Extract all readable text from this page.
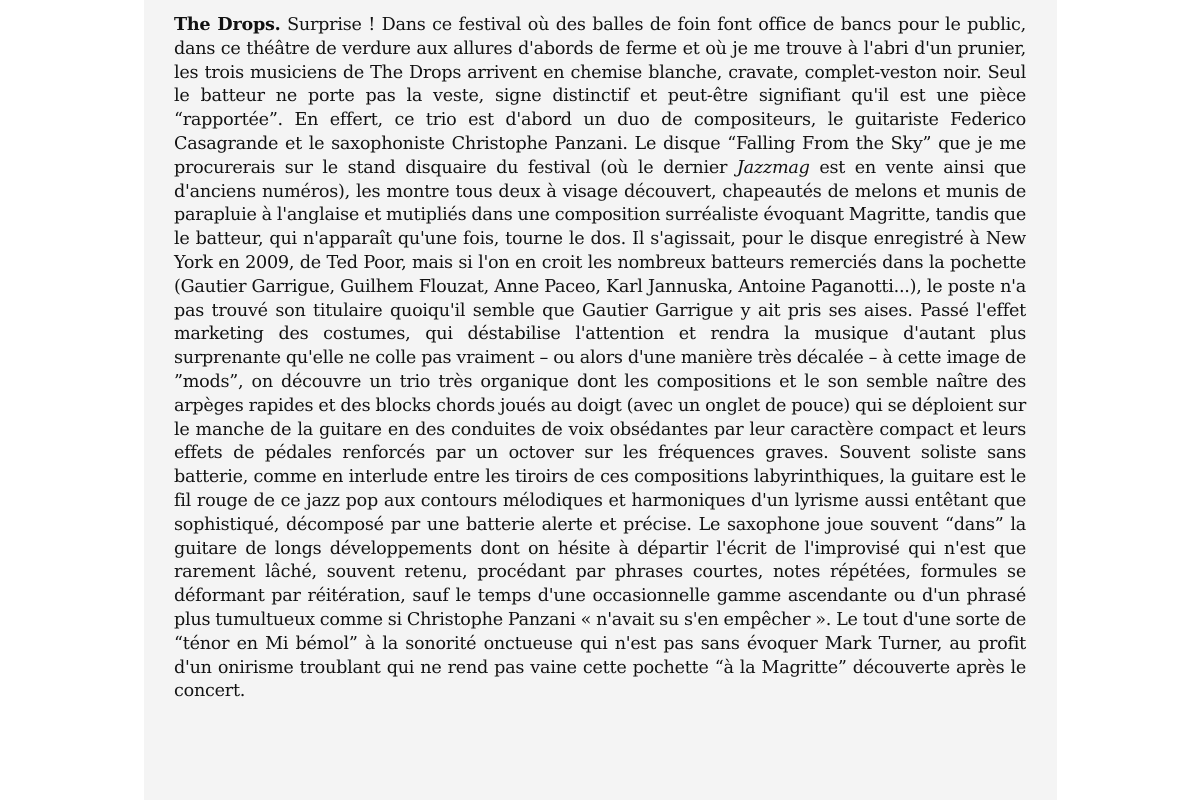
The Drops. Surprise ! Dans ce festival où des balles de foin font office de bancs pour le public, dans ce théâtre de verdure aux allures d'abords de ferme et où je me trouve à l'abri d'un prunier, les trois musiciens de The Drops arrivent en chemise blanche, cravate, complet-veston noir. Seul le batteur ne porte pas la veste, signe distinctif et peut-être signifiant qu'il est une pièce “rapportée”. En effert, ce trio est d'abord un duo de compositeurs, le guitariste Federico Casagrande et le saxophoniste Christophe Panzani. Le disque “Falling From the Sky” que je me procurerais sur le stand disquaire du festival (où le dernier Jazzmag est en vente ainsi que d'anciens numéros), les montre tous deux à visage découvert, chapeautés de melons et munis de parapluie à l'anglaise et mutipliés dans une composition surréaliste évoquant Magritte, tandis que le batteur, qui n'apparaît qu'une fois, tourne le dos. Il s'agissait, pour le disque enregistré à New York en 2009, de Ted Poor, mais si l'on en croit les nombreux batteurs remerciés dans la pochette (Gautier Garrigue, Guilhem Flouzat, Anne Paceo, Karl Jannuska, Antoine Paganotti...), le poste n'a pas trouvé son titulaire quoiqu'il semble que Gautier Garrigue y ait pris ses aises. Passé l'effet marketing des costumes, qui déstabilise l'attention et rendra la musique d'autant plus surprenante qu'elle ne colle pas vraiment – ou alors d'une manière très décalée – à cette image de ”mods”, on découvre un trio très organique dont les compositions et le son semble naître des arpèges rapides et des blocks chords joués au doigt (avec un onglet de pouce) qui se déploient sur le manche de la guitare en des conduites de voix obsédantes par leur caractère compact et leurs effets de pédales renforcés par un octover sur les fréquences graves. Souvent soliste sans batterie, comme en interlude entre les tiroirs de ces compositions labyrinthiques, la guitare est le fil rouge de ce jazz pop aux contours mélodiques et harmoniques d'un lyrisme aussi entêtant que sophistiqué, décomposé par une batterie alerte et précise. Le saxophone joue souvent “dans” la guitare de longs développements dont on hésite à départir l'écrit de l'improvisé qui n'est que rarement lâché, souvent retenu, procédant par phrases courtes, notes répétées, formules se déformant par réitération, sauf le temps d'une occasionnelle gamme ascendante ou d'un phrasé plus tumultueux comme si Christophe Panzani « n'avait su s'en empêcher ». Le tout d'une sorte de “ténor en Mi bémol” à la sonorité onctueuse qui n'est pas sans évoquer Mark Turner, au profit d'un onirisme troublant qui ne rend pas vaine cette pochette “à la Magritte” découverte après le concert.
